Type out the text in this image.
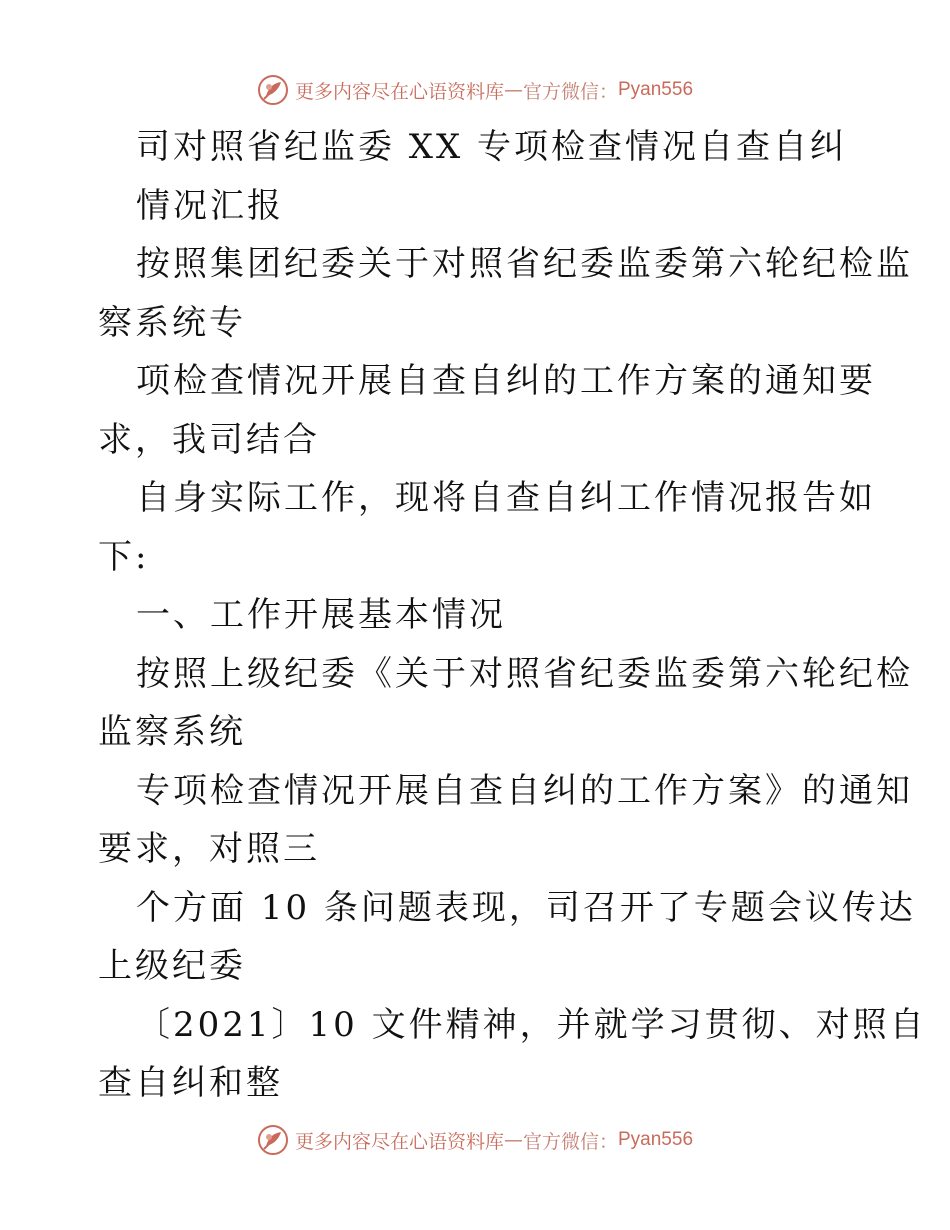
更多内容尽在心语资料库 — 官方微信： Pyan556
司对照省纪监委 XX 专项检查情况自查自纠
情况汇报
按照集团纪委关于对照省纪委监委第六轮纪检监
察系统专
项检查情况开展自查自纠的工作方案的通知要
求，我司结合
自身实际工作，现将自查自纠工作情况报告如
下:
一、工作开展基本情况
按照上级纪委《关于对照省纪委监委第六轮纪检
监察系统
专项检查情况开展自查自纠的工作方案》的通知
要求，对照三
个方面 10 条问题表现，司召开了专题会议传达
上级纪委
〔2021〕10 文件精神，并就学习贯彻、对照自
查自纠和整
更多内容尽在心语资料库 — 官方微信： Pyan556
